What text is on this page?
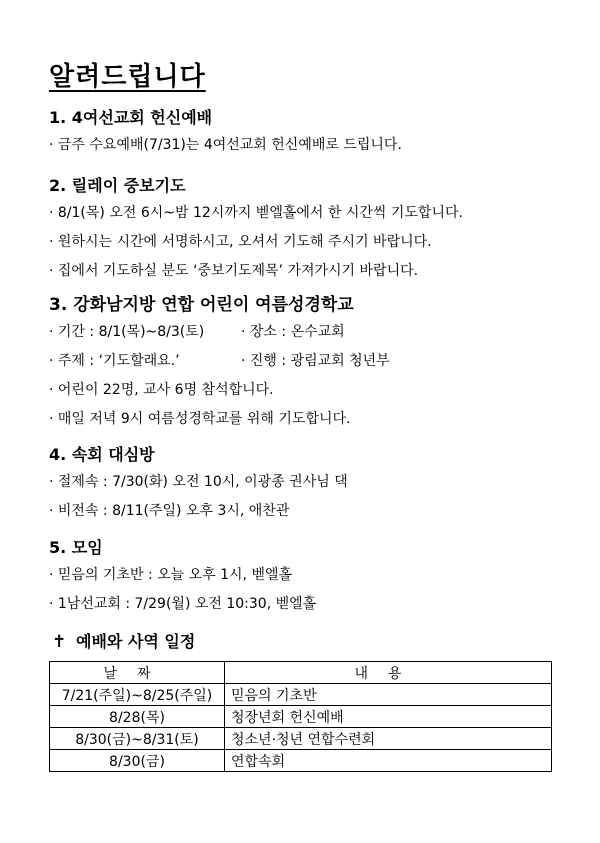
알려드립니다
1. 4여선교회 헌신예배
· 금주 수요예배(7/31)는 4여선교회 헌신예배로 드립니다.
2. 릴레이 중보기도
· 8/1(목) 오전 6시~밤 12시까지 벧엘홀에서 한 시간씩 기도합니다.
· 원하시는 시간에 서명하시고, 오셔서 기도해 주시기 바랍니다.
· 집에서 기도하실 분도 ‘중보기도제목’ 가져가시기 바랍니다.
3. 강화남지방 연합 어린이 여름성경학교
· 기간 : 8/1(목)~8/3(토)	· 장소 : 온수교회
· 주제 : ‘기도할래요.’	· 진행 : 광림교회 청년부
· 어린이 22명, 교사 6명 참석합니다.
· 매일 저녁 9시 여름성경학교를 위해 기도합니다.
4. 속회 대심방
· 절제속 : 7/30(화) 오전 10시, 이광종 권사님 댁
· 비전속 : 8/11(주일) 오후 3시, 애찬관
5. 모임
· 믿음의 기초반 : 오늘 오후 1시, 벧엘홀
· 1남선교회 : 7/29(월) 오전 10:30, 벧엘홀
✝ 예배와 사역 일정
날짜	내용
7/21(주일)~8/25(주일)	믿음의 기초반
8/28(목)	청장년회 헌신예배
8/30(금)~8/31(토)	청소년·청년 연합수련회
8/30(금)	연합속회
